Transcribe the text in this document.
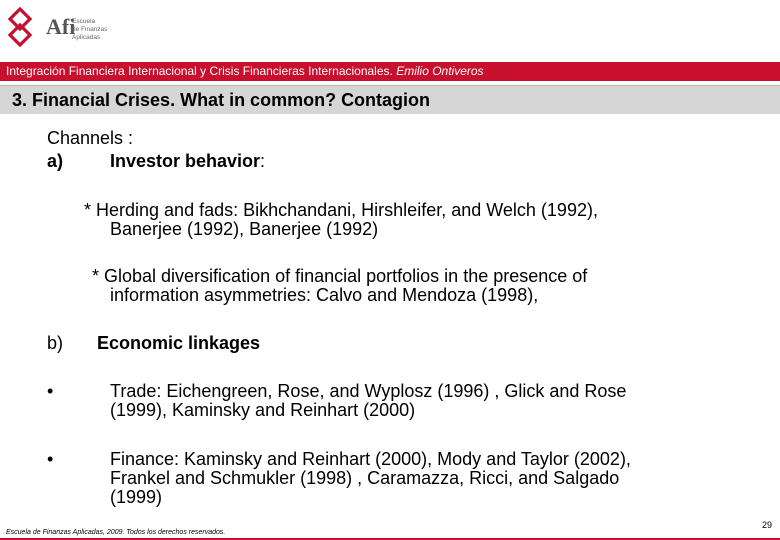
Afi
Escuela
de Finanzas
Aplicadas
Integración Financiera Internacional y Crisis Financieras Internacionales. Emilio Ontiveros
3. Financial Crises. What in common? Contagion
Channels :
a)	Investor behavior:
* Herding and fads: Bikhchandani, Hirshleifer, and Welch (1992),
Banerjee (1992), Banerjee (1992)
* Global diversification of financial portfolios in the presence of
information asymmetries: Calvo and Mendoza (1998),
b) Economic linkages
•	Trade: Eichengreen, Rose, and Wyplosz (1996) , Glick and Rose
(1999), Kaminsky and Reinhart (2000)
•	Finance: Kaminsky and Reinhart (2000), Mody and Taylor (2002),
Frankel and Schmukler (1998) , Caramazza, Ricci, and Salgado
(1999)
Escuela de Finanzas Aplicadas, 2009. Todos los derechos reservados.
29
